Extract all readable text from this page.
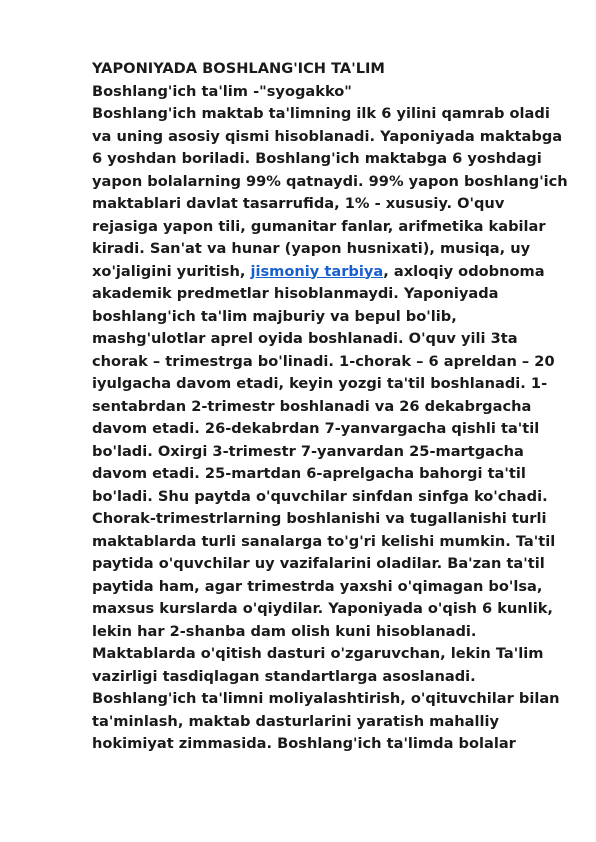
YAPONIYADA BOSHLANG'ICH TA'LIM
Boshlang'ich ta'lim -"syogakko"
Boshlang'ich maktab ta'limning ilk 6 yilini qamrab oladi
va uning asosiy qismi hisoblanadi. Yaponiyada maktabga
6 yoshdan boriladi. Boshlang'ich maktabga 6 yoshdagi
yapon bolalarning 99% qatnaydi. 99% yapon boshlang'ich
maktablari davlat tasarrufida, 1% - xususiy. O'quv
rejasiga yapon tili, gumanitar fanlar, arifmetika kabilar
kiradi. San'at va hunar (yapon husnixati), musiqa, uy
xo'jaligini yuritish, jismoniy tarbiya, axloqiy odobnoma
akademik predmetlar hisoblanmaydi. Yaponiyada
boshlang'ich ta'lim majburiy va bepul bo'lib,
mashg'ulotlar aprel oyida boshlanadi. O'quv yili 3ta
chorak – trimestrga bo'linadi. 1-chorak – 6 apreldan – 20
iyulgacha davom etadi, keyin yozgi ta'til boshlanadi. 1-
sentabrdan 2-trimestr boshlanadi va 26 dekabrgacha
davom etadi. 26-dekabrdan 7-yanvargacha qishli ta'til
bo'ladi. Oxirgi 3-trimestr 7-yanvardan 25-martgacha
davom etadi. 25-martdan 6-aprelgacha bahorgi ta'til
bo'ladi. Shu paytda o'quvchilar sinfdan sinfga ko'chadi.
Chorak-trimestrlarning boshlanishi va tugallanishi turli
maktablarda turli sanalarga to'g'ri kelishi mumkin. Ta'til
paytida o'quvchilar uy vazifalarini oladilar. Ba'zan ta'til
paytida ham, agar trimestrda yaxshi o'qimagan bo'lsa,
maxsus kurslarda o'qiydilar. Yaponiyada o'qish 6 kunlik,
lekin har 2-shanba dam olish kuni hisoblanadi.
Maktablarda o'qitish dasturi o'zgaruvchan, lekin Ta'lim
vazirligi tasdiqlagan standartlarga asoslanadi.
Boshlang'ich ta'limni moliyalashtirish, o'qituvchilar bilan
ta'minlash, maktab dasturlarini yaratish mahalliy
hokimiyat zimmasida. Boshlang'ich ta'limda bolalar
